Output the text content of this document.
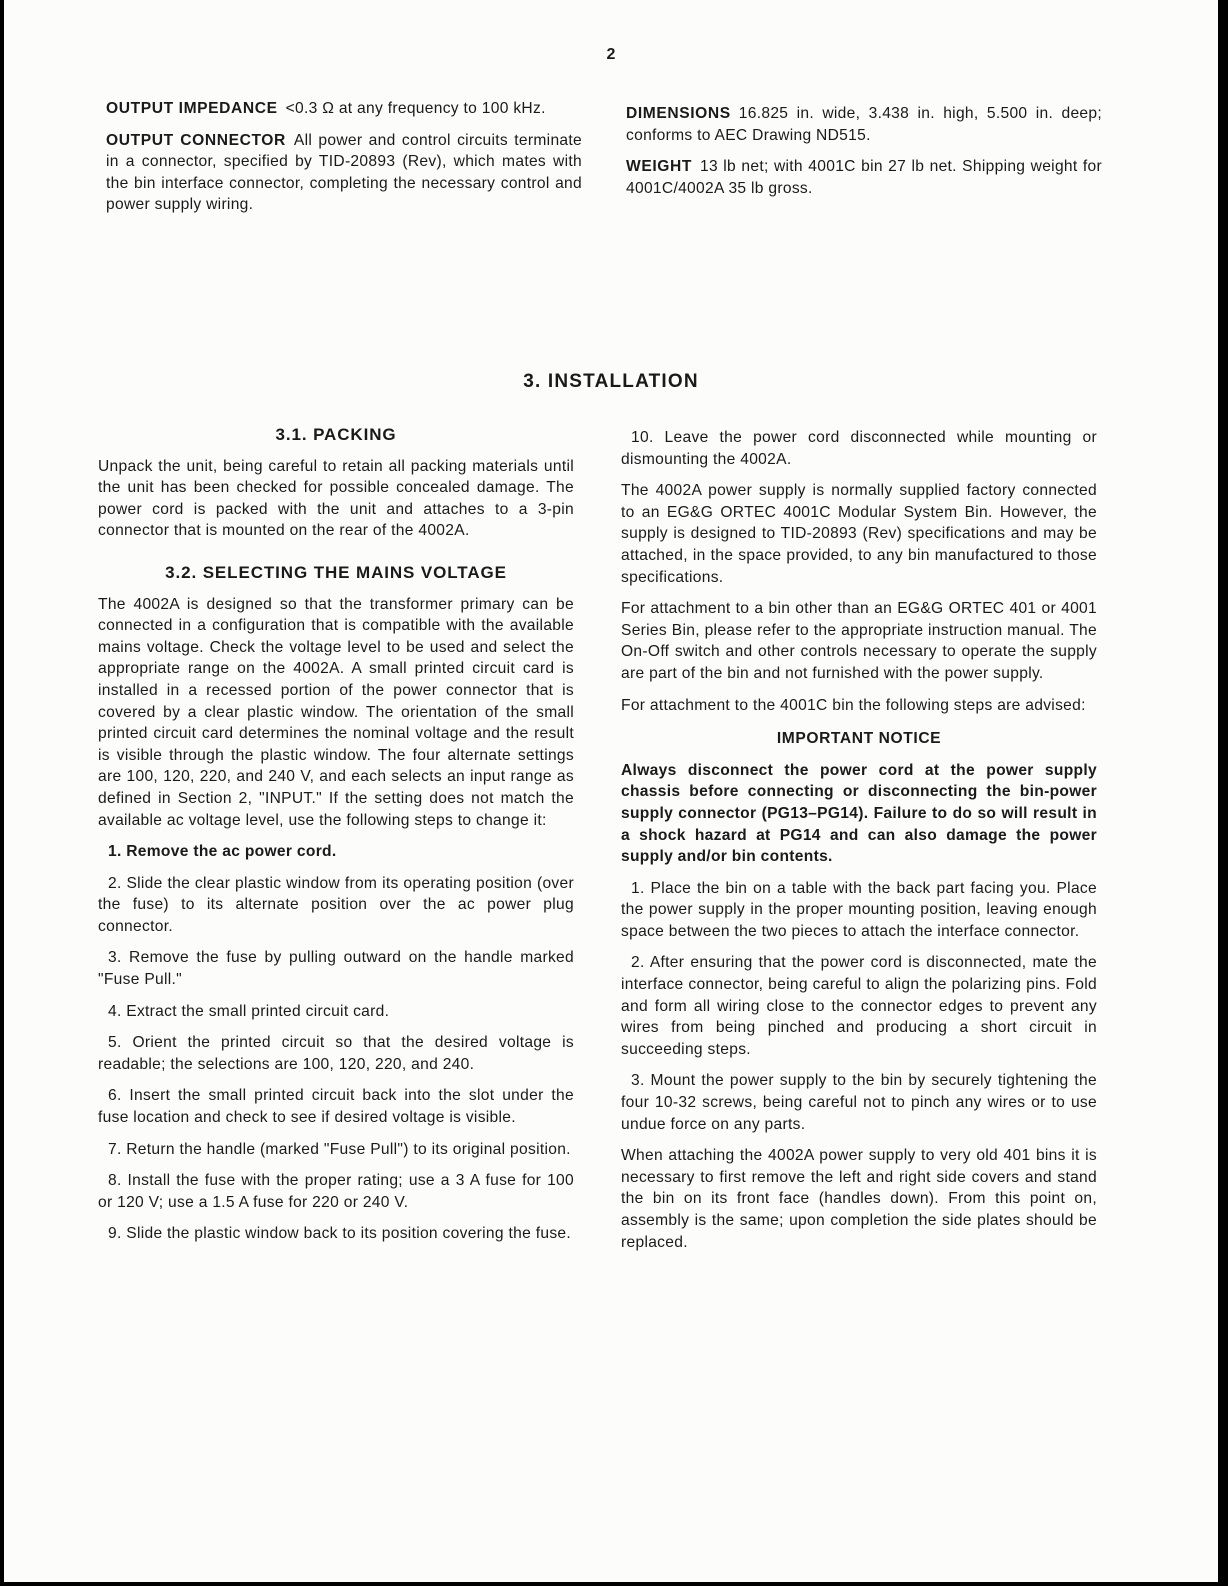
2

OUTPUT IMPEDANCE <0.3 Ω at any frequency to 100 kHz.

OUTPUT CONNECTOR All power and control circuits terminate in a connector, specified by TID-20893 (Rev), which mates with the bin interface connector, completing the necessary control and power supply wiring.

DIMENSIONS 16.825 in. wide, 3.438 in. high, 5.500 in. deep; conforms to AEC Drawing ND515.

WEIGHT 13 lb net; with 4001C bin 27 lb net. Shipping weight for 4001C/4002A 35 lb gross.

3. INSTALLATION
3.1. PACKING

Unpack the unit, being careful to retain all packing materials until the unit has been checked for possible concealed damage. The power cord is packed with the unit and attaches to a 3-pin connector that is mounted on the rear of the 4002A.

3.2. SELECTING THE MAINS VOLTAGE

The 4002A is designed so that the transformer primary can be connected in a configuration that is compatible with the available mains voltage. Check the voltage level to be used and select the appropriate range on the 4002A. A small printed circuit card is installed in a recessed portion of the power connector that is covered by a clear plastic window. The orientation of the small printed circuit card determines the nominal voltage and the result is visible through the plastic window. The four alternate settings are 100, 120, 220, and 240 V, and each selects an input range as defined in Section 2, "INPUT." If the setting does not match the available ac voltage level, use the following steps to change it:

1. Remove the ac power cord.

2. Slide the clear plastic window from its operating position (over the fuse) to its alternate position over the ac power plug connector.

3. Remove the fuse by pulling outward on the handle marked "Fuse Pull."

4. Extract the small printed circuit card.

5. Orient the printed circuit so that the desired voltage is readable; the selections are 100, 120, 220, and 240.

6. Insert the small printed circuit back into the slot under the fuse location and check to see if desired voltage is visible.

7. Return the handle (marked "Fuse Pull") to its original position.

8. Install the fuse with the proper rating; use a 3 A fuse for 100 or 120 V; use a 1.5 A fuse for 220 or 240 V.

9. Slide the plastic window back to its position covering the fuse.

10. Leave the power cord disconnected while mounting or dismounting the 4002A.

The 4002A power supply is normally supplied factory connected to an EG&G ORTEC 4001C Modular System Bin. However, the supply is designed to TID-20893 (Rev) specifications and may be attached, in the space provided, to any bin manufactured to those specifications.

For attachment to a bin other than an EG&G ORTEC 401 or 4001 Series Bin, please refer to the appropriate instruction manual. The On-Off switch and other controls necessary to operate the supply are part of the bin and not furnished with the power supply.

For attachment to the 4001C bin the following steps are advised:

IMPORTANT NOTICE

Always disconnect the power cord at the power supply chassis before connecting or disconnecting the bin-power supply connector (PG13–PG14). Failure to do so will result in a shock hazard at PG14 and can also damage the power supply and/or bin contents.

1. Place the bin on a table with the back part facing you. Place the power supply in the proper mounting position, leaving enough space between the two pieces to attach the interface connector.

2. After ensuring that the power cord is disconnected, mate the interface connector, being careful to align the polarizing pins. Fold and form all wiring close to the connector edges to prevent any wires from being pinched and producing a short circuit in succeeding steps.

3. Mount the power supply to the bin by securely tightening the four 10-32 screws, being careful not to pinch any wires or to use undue force on any parts.

When attaching the 4002A power supply to very old 401 bins it is necessary to first remove the left and right side covers and stand the bin on its front face (handles down). From this point on, assembly is the same; upon completion the side plates should be replaced.
